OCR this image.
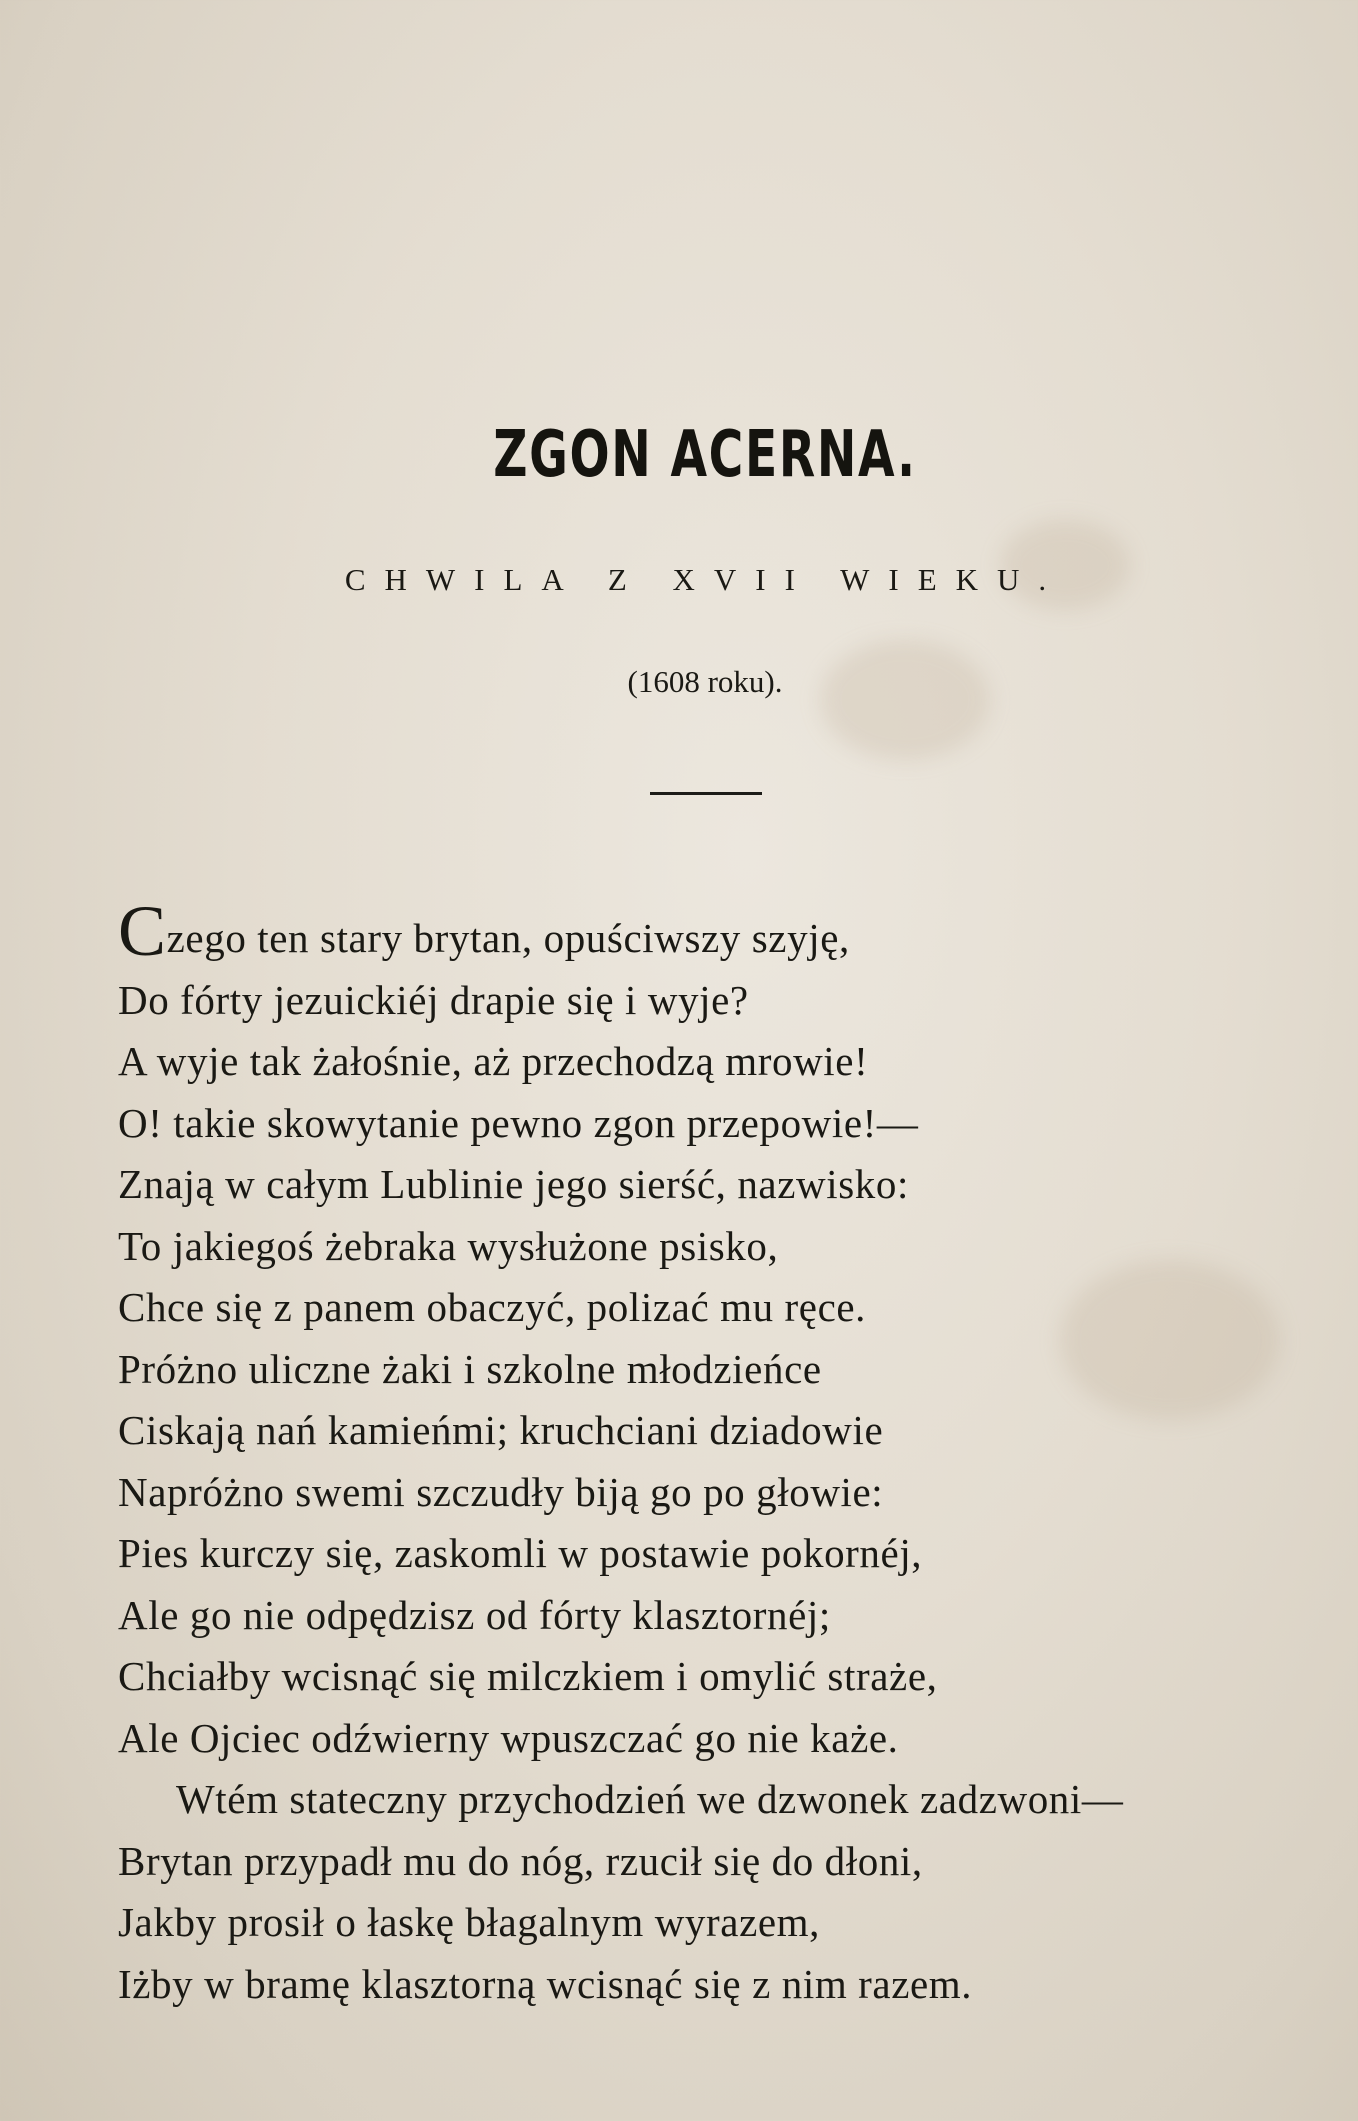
ZGON ACERNA.
CHWILA Z XVII WIEKU.
(1608 roku).
Czego ten stary brytan, opuściwszy szyję,
Do fórty jezuickiéj drapie się i wyje?
A wyje tak żałośnie, aż przechodzą mrowie!
O! takie skowytanie pewno zgon przepowie!—
Znają w całym Lublinie jego sierść, nazwisko:
To jakiegoś żebraka wysłużone psisko,
Chce się z panem obaczyć, polizać mu ręce.
Próżno uliczne żaki i szkolne młodzieńce
Ciskają nań kamieńmi; kruchciani dziadowie
Napróżno swemi szczudły biją go po głowie:
Pies kurczy się, zaskomli w postawie pokornéj,
Ale go nie odpędzisz od fórty klasztornéj;
Chciałby wcisnąć się milczkiem i omylić straże,
Ale Ojciec odźwierny wpuszczać go nie każe.
Wtém stateczny przychodzień we dzwonek zadzwoni—
Brytan przypadł mu do nóg, rzucił się do dłoni,
Jakby prosił o łaskę błagalnym wyrazem,
Iżby w bramę klasztorną wcisnąć się z nim razem.
